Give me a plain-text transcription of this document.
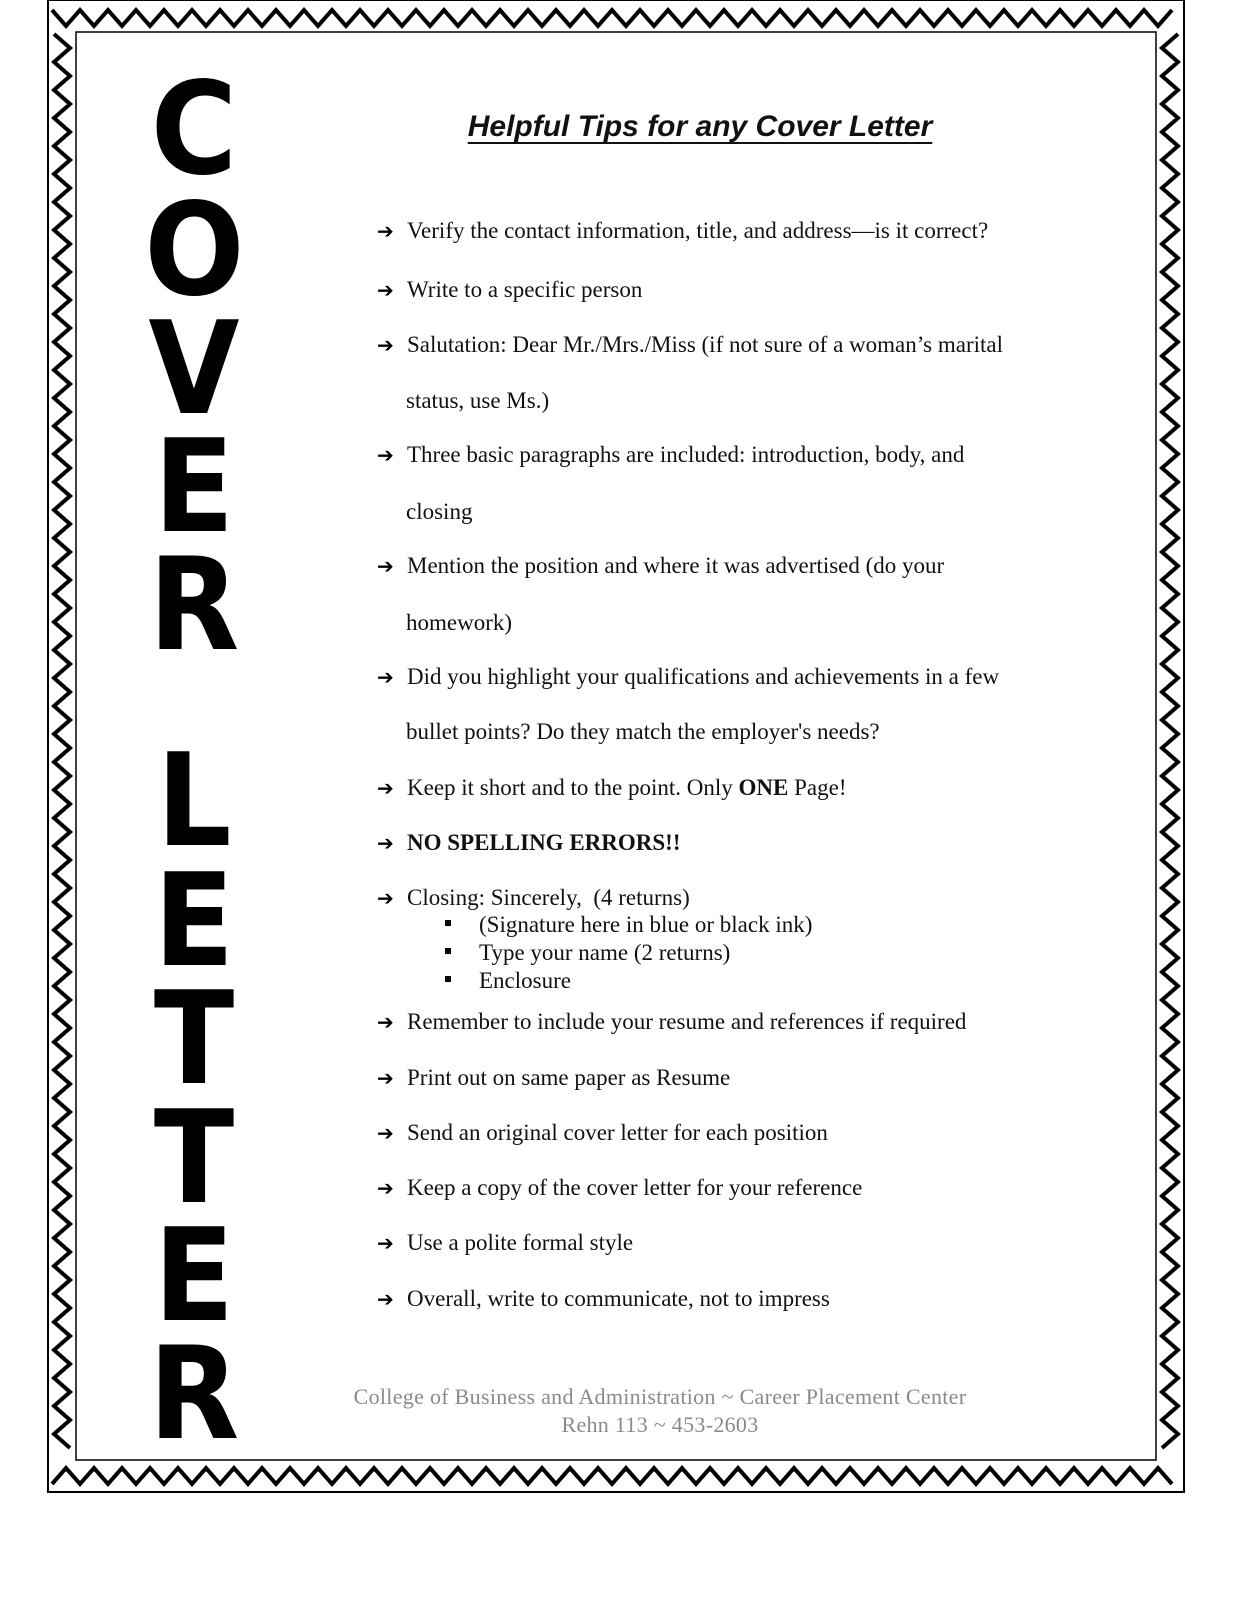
C
O
V
E
R
L
E
T
T
E
R
Helpful Tips for any Cover Letter
➔ Verify the contact information, title, and address—is it correct?
➔ Write to a specific person
➔ Salutation: Dear Mr./Mrs./Miss (if not sure of a woman’s marital
status, use Ms.)
➔ Three basic paragraphs are included: introduction, body, and
closing
➔ Mention the position and where it was advertised (do your
homework)
➔ Did you highlight your qualifications and achievements in a few
bullet points? Do they match the employer's needs?
➔ Keep it short and to the point. Only ONE Page!
➔ NO SPELLING ERRORS!!
➔ Closing: Sincerely,  (4 returns)
(Signature here in blue or black ink)
Type your name (2 returns)
Enclosure
➔ Remember to include your resume and references if required
➔ Print out on same paper as Resume
➔ Send an original cover letter for each position
➔ Keep a copy of the cover letter for your reference
➔ Use a polite formal style
➔ Overall, write to communicate, not to impress
College of Business and Administration ~ Career Placement Center
Rehn 113 ~ 453-2603
